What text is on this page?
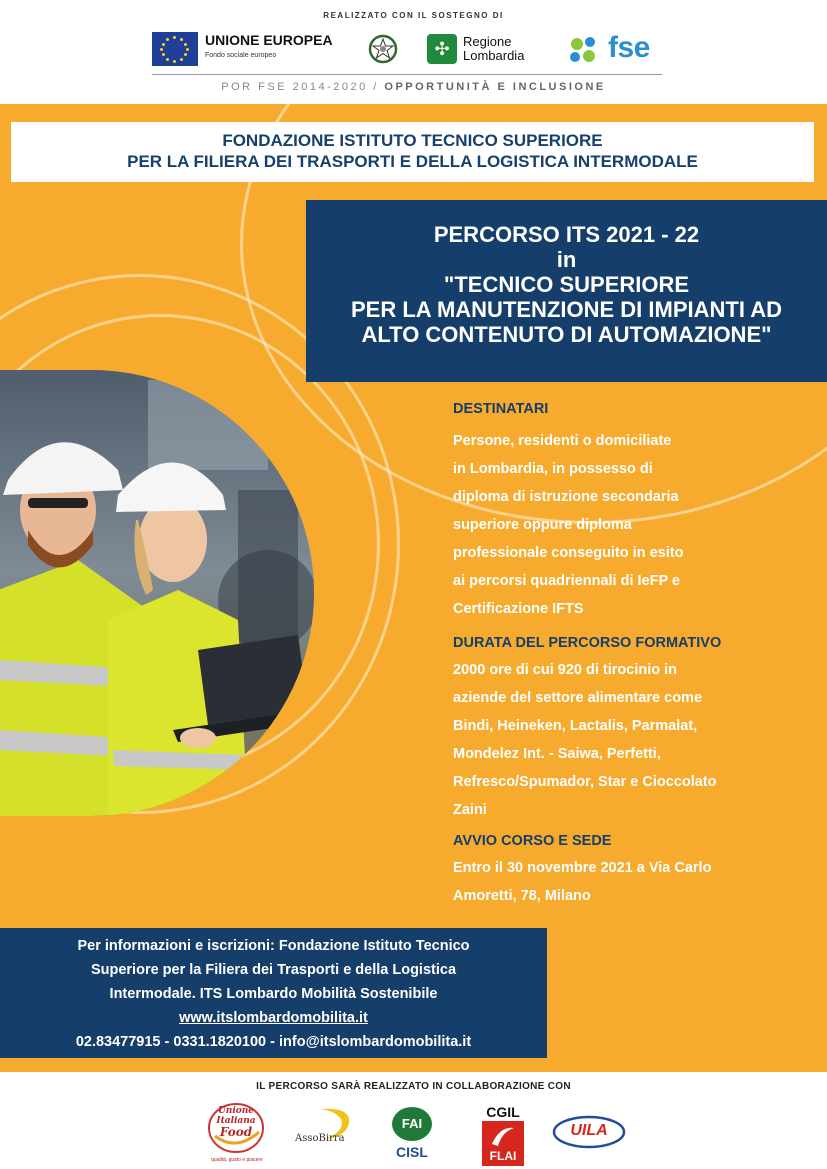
REALIZZATO CON IL SOSTEGNO DI
UNIONE EUROPEA
Fondo sociale europeo	✣	Regione
Lombardia	fse
POR FSE 2014-2020 / OPPORTUNITÀ E INCLUSIONE
FONDAZIONE ISTITUTO TECNICO SUPERIORE
PER LA FILIERA DEI TRASPORTI E DELLA LOGISTICA INTERMODALE
PERCORSO ITS 2021 - 22
in
"TECNICO SUPERIORE
PER LA MANUTENZIONE DI IMPIANTI AD
ALTO CONTENUTO DI AUTOMAZIONE"
DESTINATARI
Persone, residenti o domiciliate
in Lombardia, in possesso di
diploma di istruzione secondaria
superiore oppure diploma
professionale conseguito in esito
ai percorsi quadriennali di IeFP e
Certificazione IFTS
DURATA DEL PERCORSO FORMATIVO
2000 ore di cui 920 di tirocinio in
aziende del settore alimentare come
Bindi, Heineken, Lactalis, Parmalat,
Mondelez Int. - Saiwa, Perfetti,
Refresco/Spumador, Star e Cioccolato
Zaini
AVVIO CORSO E SEDE
Entro il 30 novembre 2021 a Via Carlo
Amoretti, 78, Milano
Per informazioni e iscrizioni: Fondazione Istituto Tecnico
Superiore per la Filiera dei Trasporti e della Logistica
Intermodale. ITS Lombardo Mobilità Sostenibile
www.itslombardomobilita.it
02.83477915 - 0331.1820100 - info@itslombardomobilita.it
IL PERCORSO SARÀ REALIZZATO IN COLLABORAZIONE CON
Unione
Italiana
Food
qualità, gusto e piacere
AssoBirra
FAI
CISL
CGIL
FLAI
UILA
